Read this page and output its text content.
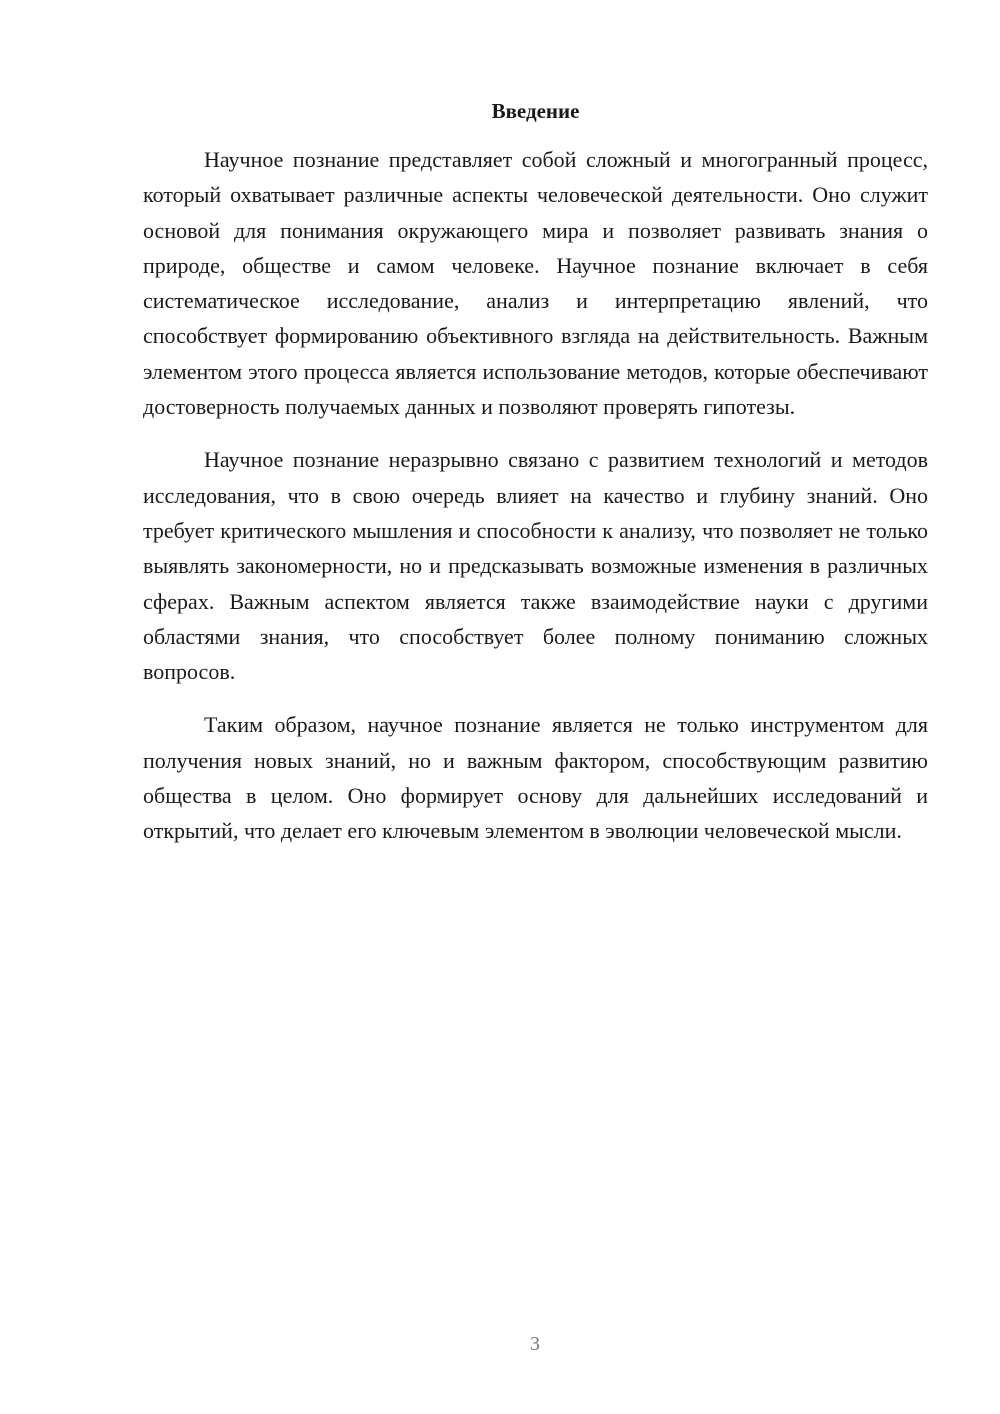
Введение

Научное познание представляет собой сложный и многогранный процесс, который охватывает различные аспекты человеческой деятельности. Оно служит основой для понимания окружающего мира и позволяет развивать знания о природе, обществе и самом человеке. Научное познание включает в себя систематическое исследование, анализ и интерпретацию явлений, что способствует формированию объективного взгляда на действительность. Важным элементом этого процесса является использование методов, которые обеспечивают достоверность получаемых данных и позволяют проверять гипотезы.

Научное познание неразрывно связано с развитием технологий и методов исследования, что в свою очередь влияет на качество и глубину знаний. Оно требует критического мышления и способности к анализу, что позволяет не только выявлять закономерности, но и предсказывать возможные изменения в различных сферах. Важным аспектом является также взаимодействие науки с другими областями знания, что способствует более полному пониманию сложных вопросов.

Таким образом, научное познание является не только инструментом для получения новых знаний, но и важным фактором, способствующим развитию общества в целом. Оно формирует основу для дальнейших исследований и открытий, что делает его ключевым элементом в эволюции человеческой мысли.

3
